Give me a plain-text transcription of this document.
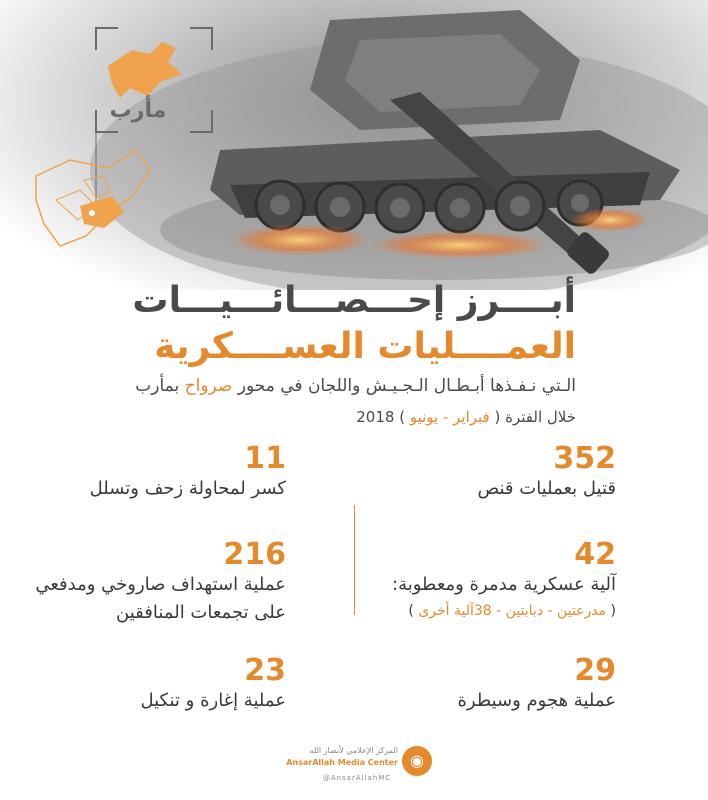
مأرب
أبــــرز إحـــصـــائـــيـــات
العمــــليات العســــكرية
الـتي نـفـذها أبـطـال الـجـيـش واللجان في محور صرواح بمأرب
خلال الفترة ( فبراير - يونيو ) 2018
352
قتيل بعمليات قنص
42
آلية عسكرية مدمرة ومعطوبة:
( مدرعتين - دبابتين - 38آلية أخرى )
29
عملية هجوم وسيطرة
11
كسر لمحاولة زحف وتسلل
216
عملية استهداف صاروخي ومدفعي
على تجمعات المنافقين
23
عملية إغارة و تنكيل
◉
المركز الإعلامي لأنصار الله
AnsarAllah Media Center
@AnsarAllahMC
